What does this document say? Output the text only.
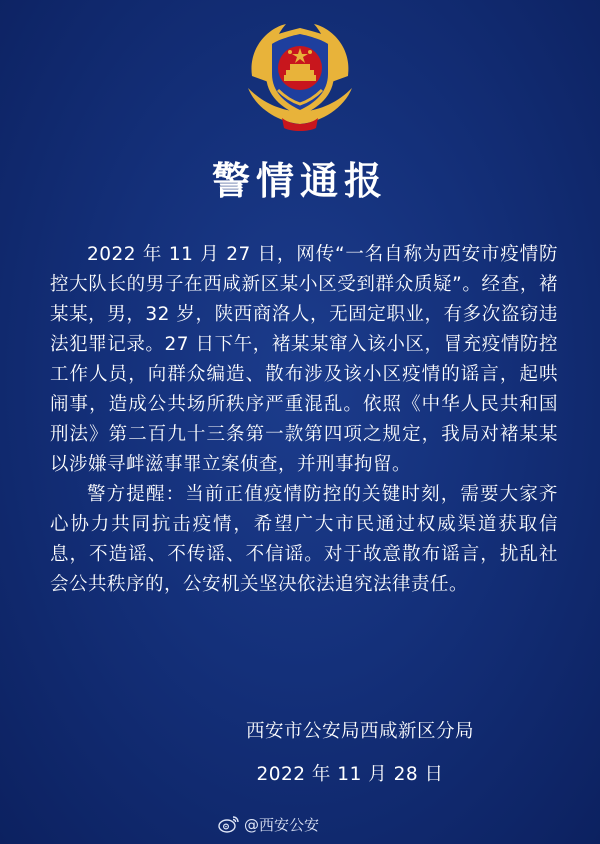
警情通报

2022 年 11 月 27 日，网传“一名自称为西安市疫情防控大队长的男子在西咸新区某小区受到群众质疑”。经查，褚某某，男，32 岁，陕西商洛人，无固定职业，有多次盗窃违法犯罪记录。27 日下午，褚某某窜入该小区，冒充疫情防控工作人员，向群众编造、散布涉及该小区疫情的谣言，起哄闹事，造成公共场所秩序严重混乱。依照《中华人民共和国刑法》第二百九十三条第一款第四项之规定，我局对褚某某以涉嫌寻衅滋事罪立案侦查，并刑事拘留。

警方提醒：当前正值疫情防控的关键时刻，需要大家齐心协力共同抗击疫情，希望广大市民通过权威渠道获取信息，不造谣、不传谣、不信谣。对于故意散布谣言，扰乱社会公共秩序的，公安机关坚决依法追究法律责任。

西安市公安局西咸新区分局
2022 年 11 月 28 日
@西安公安
